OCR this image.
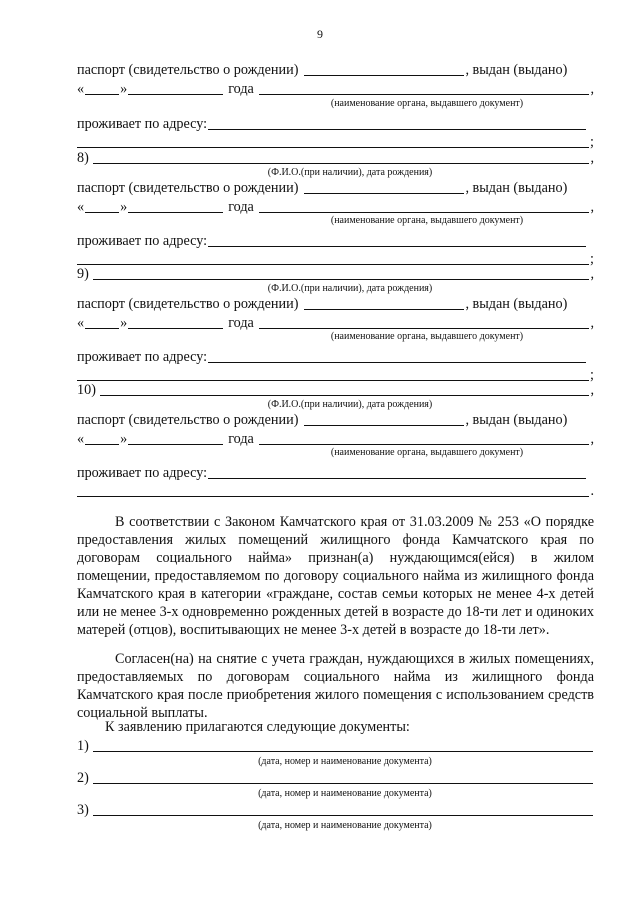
9
паспорт (свидетельство о рождении)	, выдан (выдано)
«	»	года	,
(наименование органа, выдавшего документ)
проживает по адресу:
;
8)	,
(Ф.И.О.(при наличии), дата рождения)
паспорт (свидетельство о рождении)	, выдан (выдано)
«	»	года	,
(наименование органа, выдавшего документ)
проживает по адресу:
;
9)	,
(Ф.И.О.(при наличии), дата рождения)
паспорт (свидетельство о рождении)	, выдан (выдано)
«	»	года	,
(наименование органа, выдавшего документ)
проживает по адресу:
;
10)	,
(Ф.И.О.(при наличии), дата рождения)
паспорт (свидетельство о рождении)	, выдан (выдано)
«	»	года	,
(наименование органа, выдавшего документ)
проживает по адресу:
.
В соответствии с Законом Камчатского края от 31.03.2009 № 253 «О порядке предоставления жилых помещений жилищного фонда Камчатского края по договорам социального найма» признан(а) нуждающимся(ейся) в жилом помещении, предоставляемом по договору социального найма из жилищного фонда Камчатского края в категории «граждане, состав семьи которых не менее 4-х детей или не менее 3-х одновременно рожденных детей в возрасте до 18-ти лет и одиноких матерей (отцов), воспитывающих не менее 3-х детей в возрасте до 18-ти лет».
Согласен(на) на снятие с учета граждан, нуждающихся в жилых помещениях, предоставляемых по договорам социального найма из жилищного фонда Камчатского края после приобретения жилого помещения с использованием средств социальной выплаты.
К заявлению прилагаются следующие документы:
1)
(дата, номер и наименование документа)
2)
(дата, номер и наименование документа)
3)
(дата, номер и наименование документа)
